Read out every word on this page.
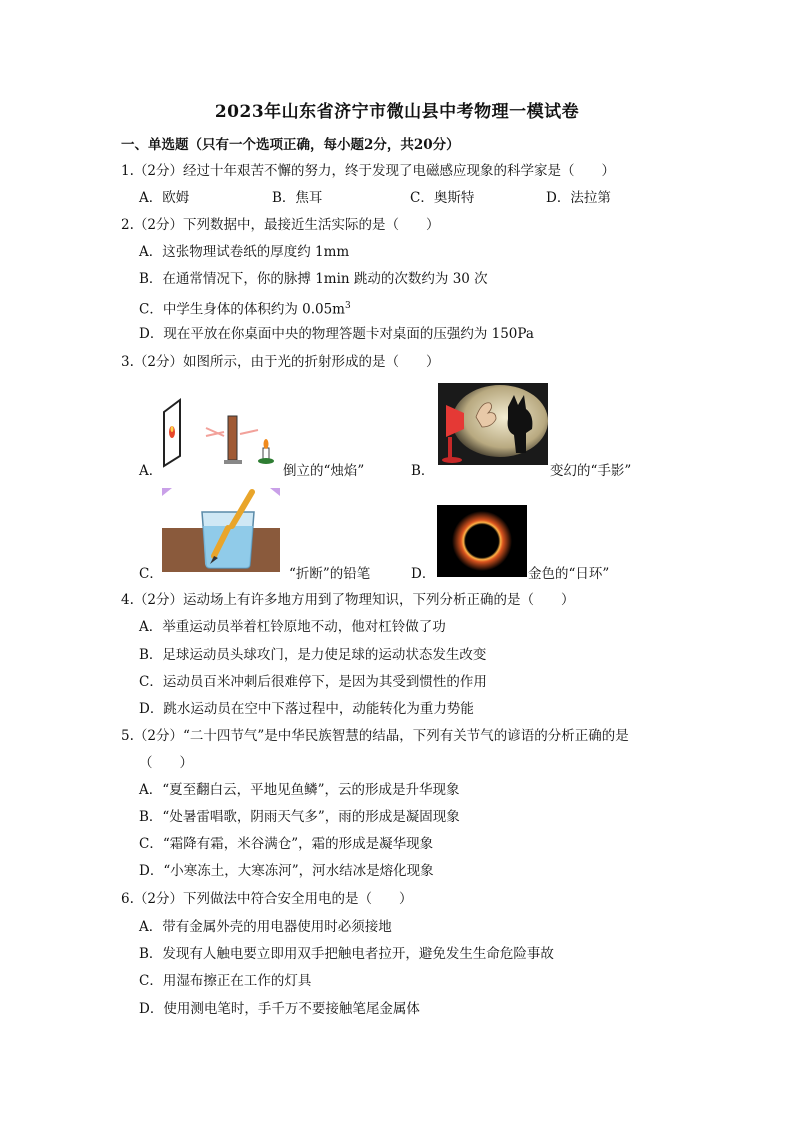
2023年山东省济宁市微山县中考物理一模试卷
一、单选题（只有一个选项正确，每小题2分，共20分）
1.（2分）经过十年艰苦不懈的努力，终于发现了电磁感应现象的科学家是（　　）
A．欧姆	B．焦耳	C．奥斯特	D．法拉第
2.（2分）下列数据中，最接近生活实际的是（　　）
A．这张物理试卷纸的厚度约 1mm
B．在通常情况下，你的脉搏 1min 跳动的次数约为 30 次
C．中学生身体的体积约为 $0.05m^3$
D．现在平放在你桌面中央的物理答题卡对桌面的压强约为 150Pa
3.（2分）如图所示，由于光的折射形成的是（　　）
A．	倒立的“烛焰”	B．	变幻的“手影”
C．	“折断”的铅笔	D．	金色的“日环”
4.（2分）运动场上有许多地方用到了物理知识，下列分析正确的是（　　）
A．举重运动员举着杠铃原地不动，他对杠铃做了功
B．足球运动员头球攻门，是力使足球的运动状态发生改变
C．运动员百米冲刺后很难停下，是因为其受到惯性的作用
D．跳水运动员在空中下落过程中，动能转化为重力势能
5.（2分）“二十四节气”是中华民族智慧的结晶，下列有关节气的谚语的分析正确的是
（　　）
A．“夏至翻白云，平地见鱼鳞”，云的形成是升华现象
B．“处暑雷唱歌，阴雨天气多”，雨的形成是凝固现象
C．“霜降有霜，米谷满仓”，霜的形成是凝华现象
D．“小寒冻土，大寒冻河”，河水结冰是熔化现象
6.（2分）下列做法中符合安全用电的是（　　）
A．带有金属外壳的用电器使用时必须接地
B．发现有人触电要立即用双手把触电者拉开，避免发生生命危险事故
C．用湿布擦正在工作的灯具
D．使用测电笔时，手千万不要接触笔尾金属体
